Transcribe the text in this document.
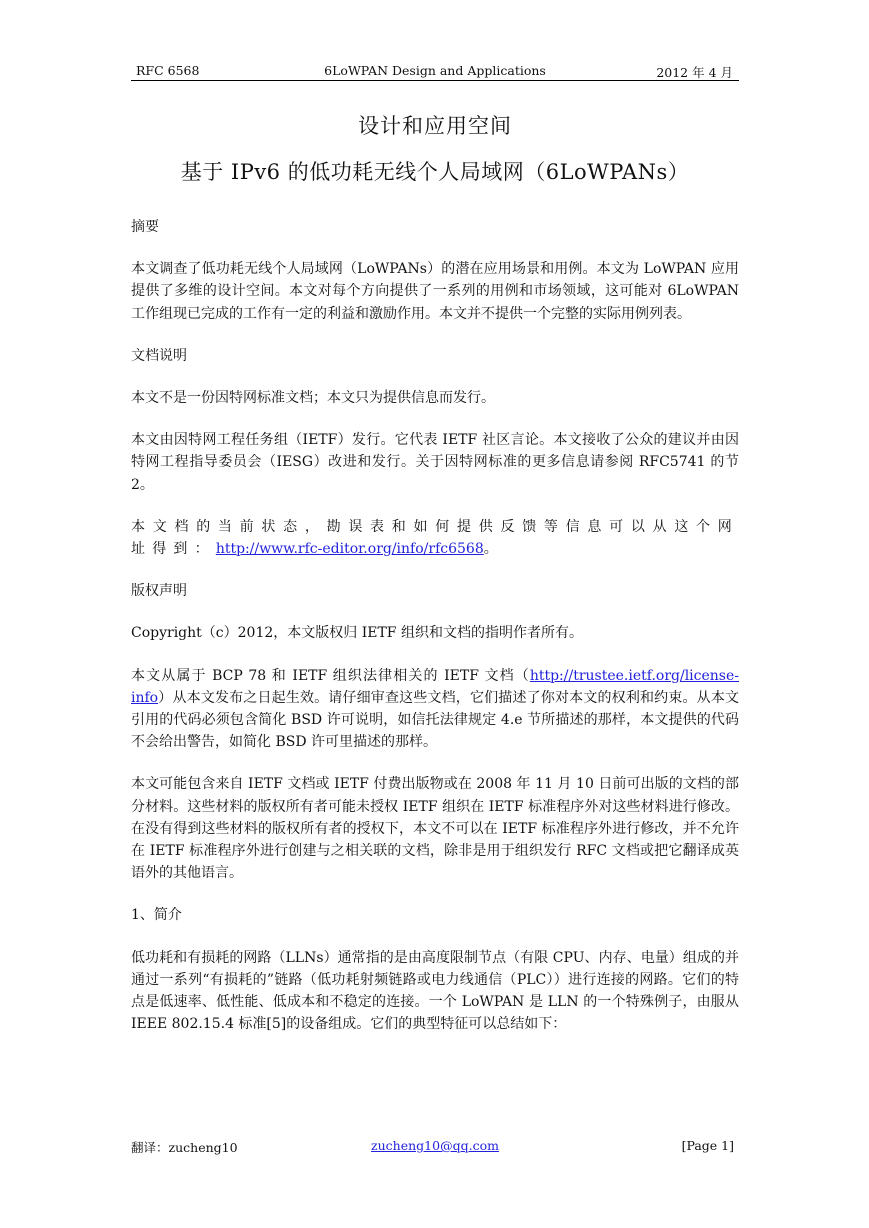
RFC 6568	6LoWPAN Design and Applications	2012 年 4 月
设计和应用空间
基于 IPv6 的低功耗无线个人局域网（6LoWPANs）

摘要

本文调查了低功耗无线个人局域网（LoWPANs）的潜在应用场景和用例。本文为 LoWPAN 应用提供了多维的设计空间。本文对每个方向提供了一系列的用例和市场领域，这可能对 6LoWPAN 工作组现已完成的工作有一定的利益和激励作用。本文并不提供一个完整的实际用例列表。

文档说明

本文不是一份因特网标准文档；本文只为提供信息而发行。

本文由因特网工程任务组（IETF）发行。它代表 IETF 社区言论。本文接收了公众的建议并由因特网工程指导委员会（IESG）改进和发行。关于因特网标准的更多信息请参阅 RFC5741 的节 2。

本文档的当前状态，勘误表和如何提供反馈等信息可以从这个网址得到：http://www.rfc-editor.org/info/rfc6568。

版权声明

Copyright（c）2012，本文版权归 IETF 组织和文档的指明作者所有。

本文从属于 BCP 78 和 IETF 组织法律相关的 IETF 文档（http://trustee.ietf.org/license-info）从本文发布之日起生效。请仔细审查这些文档，它们描述了你对本文的权利和约束。从本文引用的代码必须包含简化 BSD 许可说明，如信托法律规定 4.e 节所描述的那样，本文提供的代码不会给出警告，如简化 BSD 许可里描述的那样。

本文可能包含来自 IETF 文档或 IETF 付费出版物或在 2008 年 11 月 10 日前可出版的文档的部分材料。这些材料的版权所有者可能未授权 IETF 组织在 IETF 标准程序外对这些材料进行修改。在没有得到这些材料的版权所有者的授权下，本文不可以在 IETF 标准程序外进行修改，并不允许在 IETF 标准程序外进行创建与之相关联的文档，除非是用于组织发行 RFC 文档或把它翻译成英语外的其他语言。

1、简介

低功耗和有损耗的网路（LLNs）通常指的是由高度限制节点（有限 CPU、内存、电量）组成的并通过一系列“有损耗的”链路（低功耗射频链路或电力线通信（PLC））进行连接的网路。它们的特点是低速率、低性能、低成本和不稳定的连接。一个 LoWPAN 是 LLN 的一个特殊例子，由服从 IEEE 802.15.4 标准[5]的设备组成。它们的典型特征可以总结如下：

翻译：zucheng10	zucheng10@qq.com	[Page 1]
